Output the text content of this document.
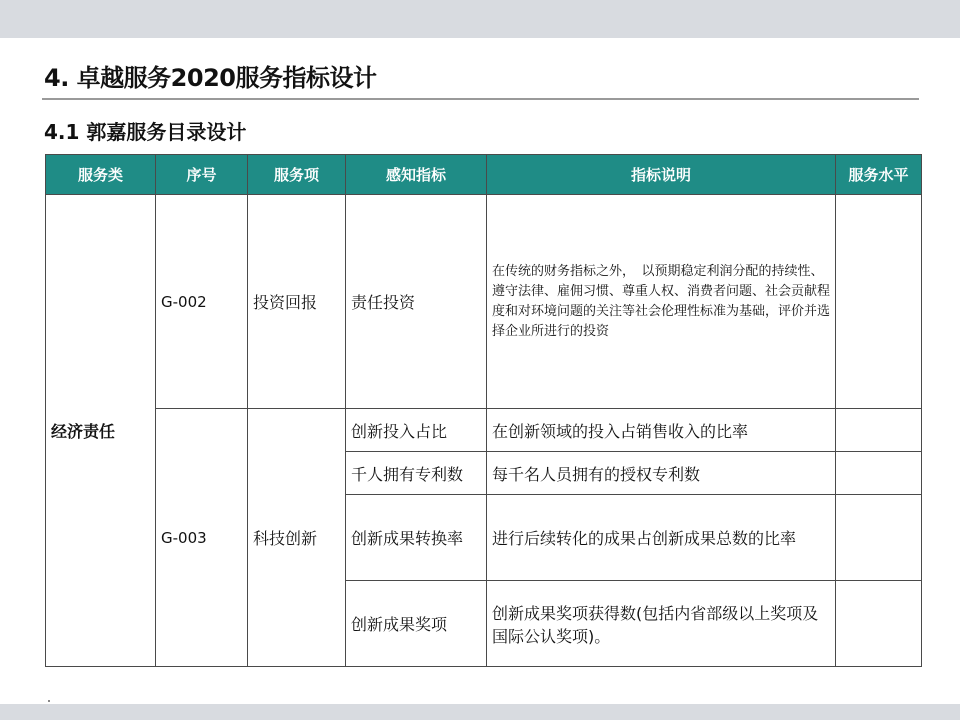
4. 卓越服务2020服务指标设计
4.1 郭嘉服务目录设计
服务类	序号	服务项	感知指标	指标说明	服务水平
经济责任	G-002	投资回报	责任投资	在传统的财务指标之外，　以预期稳定利润分配的持续性、遵守法律、雇佣习惯、尊重人权、消费者问题、社会贡献程度和对环境问题的关注等社会伦理性标准为基础，评价并选择企业所进行的投资	
	G-003	科技创新	创新投入占比	在创新领域的投入占销售收入的比率	
			千人拥有专利数	每千名人员拥有的授权专利数	
			创新成果转换率	进行后续转化的成果占创新成果总数的比率	
			创新成果奖项	创新成果奖项获得数(包括内省部级以上奖项及国际公认奖项)。	
